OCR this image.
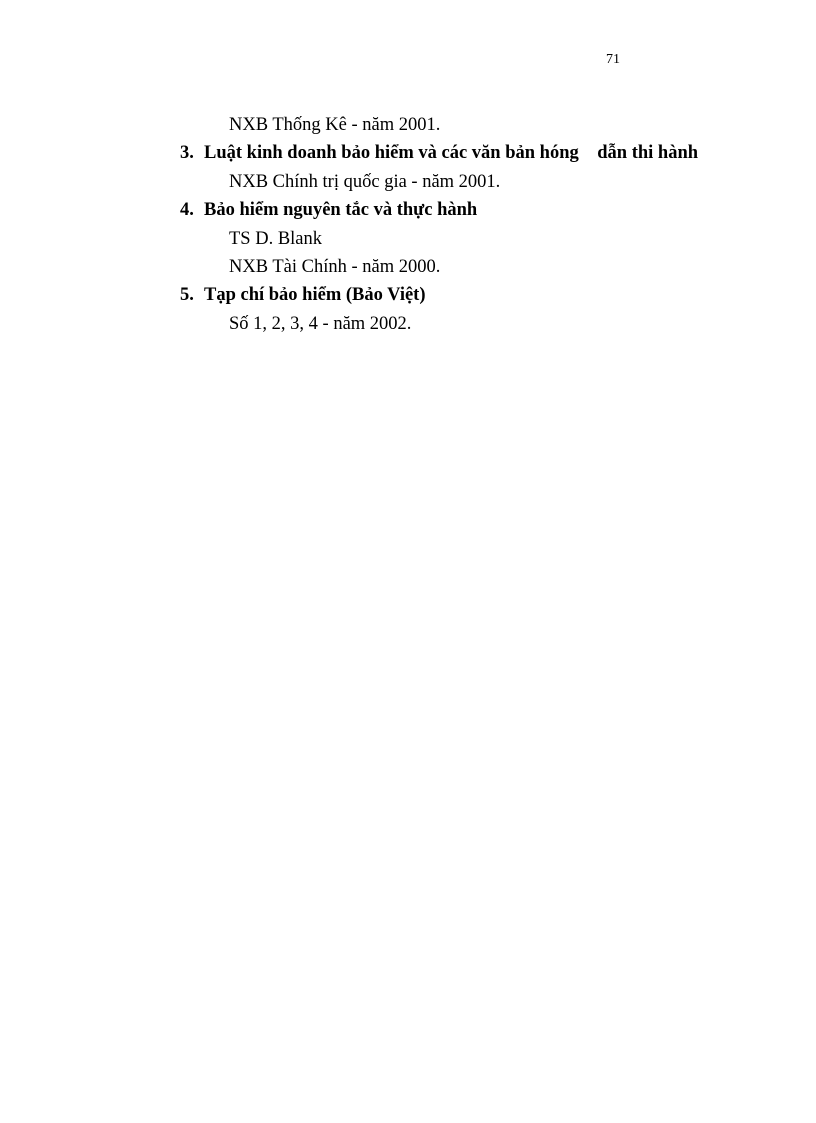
71
NXB Thống Kê - năm 2001.
3. Luật kinh doanh bảo hiểm và các văn bản hóng    dẫn thi hành
NXB Chính trị quốc gia - năm 2001.
4. Bảo hiểm nguyên tắc và thực hành
TS D. Blank
NXB Tài Chính - năm 2000.
5. Tạp chí bảo hiểm (Bảo Việt)
Số 1, 2, 3, 4 - năm 2002.
